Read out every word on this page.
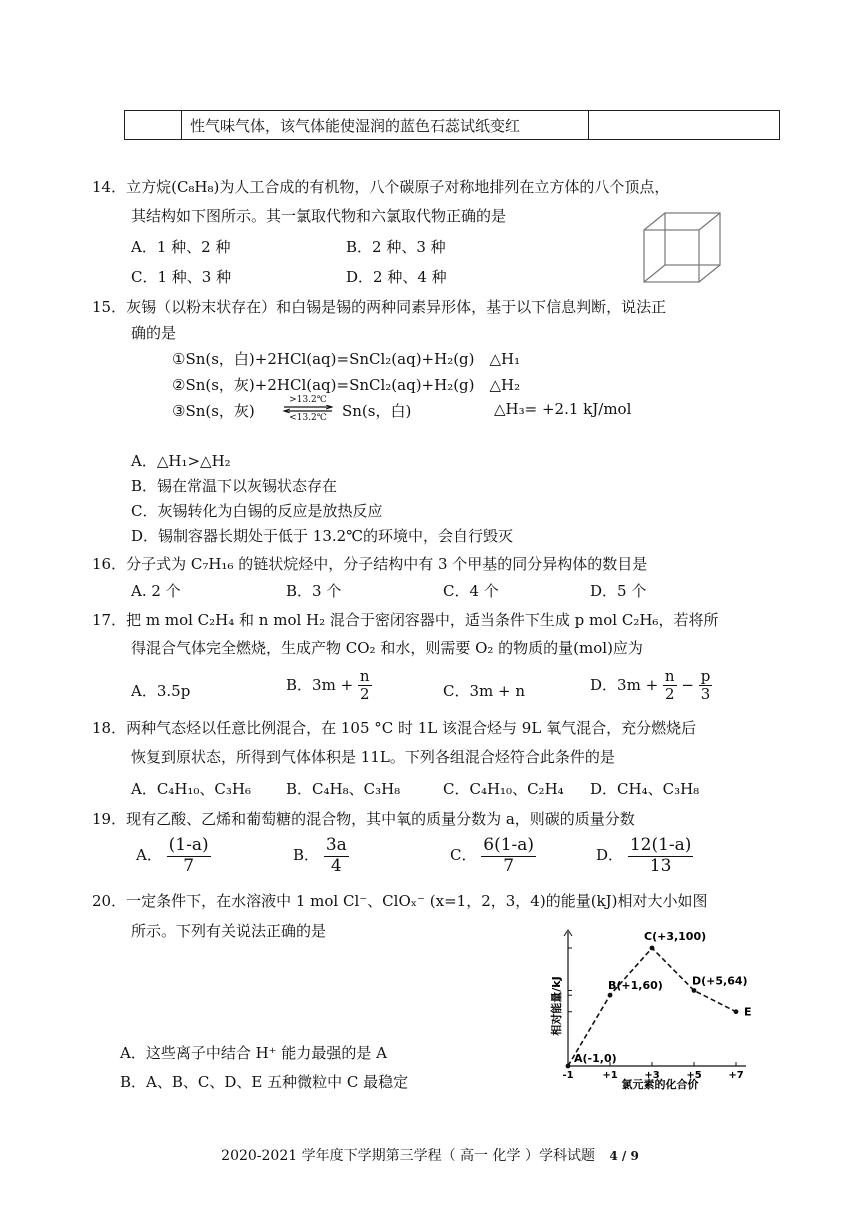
	性气味气体，该气体能使湿润的蓝色石蕊试纸变红	
14．立方烷(C₈H₈)为人工合成的有机物，八个碳原子对称地排列在立方体的八个顶点，
其结构如下图所示。其一氯取代物和六氯取代物正确的是
A．1 种、2 种	B．2 种、3 种
C．1 种、3 种	D．2 种、4 种
15．灰锡（以粉末状存在）和白锡是锡的两种同素异形体，基于以下信息判断，说法正
确的是
①Sn(s，白)+2HCl(aq)=SnCl₂(aq)+H₂(g)　△H₁
②Sn(s，灰)+2HCl(aq)=SnCl₂(aq)+H₂(g)　△H₂
③Sn(s，灰)
>13.2℃
<13.2℃	Sn(s，白)	△H₃= +2.1 kJ/mol
A．△H₁>△H₂
B．锡在常温下以灰锡状态存在
C．灰锡转化为白锡的反应是放热反应
D．锡制容器长期处于低于 13.2℃的环境中，会自行毁灭
16．分子式为 C₇H₁₆ 的链状烷烃中，分子结构中有 3 个甲基的同分异构体的数目是
A. 2 个	B．3 个	C．4 个	D．5 个
17．把 m mol C₂H₄ 和 n mol H₂ 混合于密闭容器中，适当条件下生成 p mol C₂H₆，若将所
得混合气体完全燃烧，生成产物 CO₂ 和水，则需要 O₂ 的物质的量(mol)应为
A．3.5p	B．$3m + \frac{n}{2}$	C．3m + n	D．$3m + \frac{n}{2} - \frac{p}{3}$
18．两种气态烃以任意比例混合，在 105 °C 时 1L 该混合烃与 9L 氧气混合，充分燃烧后
恢复到原状态，所得到气体体积是 11L。下列各组混合烃符合此条件的是
A．C₄H₁₀、C₃H₆ B．C₄H₈、C₃H₈	C．C₄H₁₀、C₂H₄ D．CH₄、C₃H₈
19．现有乙酸、乙烯和葡萄糖的混合物，其中氧的质量分数为 a，则碳的质量分数
A． $\frac{(1-a)}{7}$	B． $\frac{3a}{4}$	C． $\frac{6(1-a)}{7}$	D． $\frac{12(1-a)}{13}$
20．一定条件下，在水溶液中 1 mol Cl⁻、ClOₓ⁻ (x=1，2，3，4)的能量(kJ)相对大小如图
所示。下列有关说法正确的是
A．这些离子中结合 H⁺ 能力最强的是 A
B．A、B、C、D、E 五种微粒中 C 最稳定
相对能量/kJ
氯元素的化合价
-1	+1	+3	+5	+7
A(-1,0)
B(+1,60)
C(+3,100)
D(+5,64)
E
2020-2021 学年度下学期第三学程（ 高一 化学 ）学科试题 4 / 9
